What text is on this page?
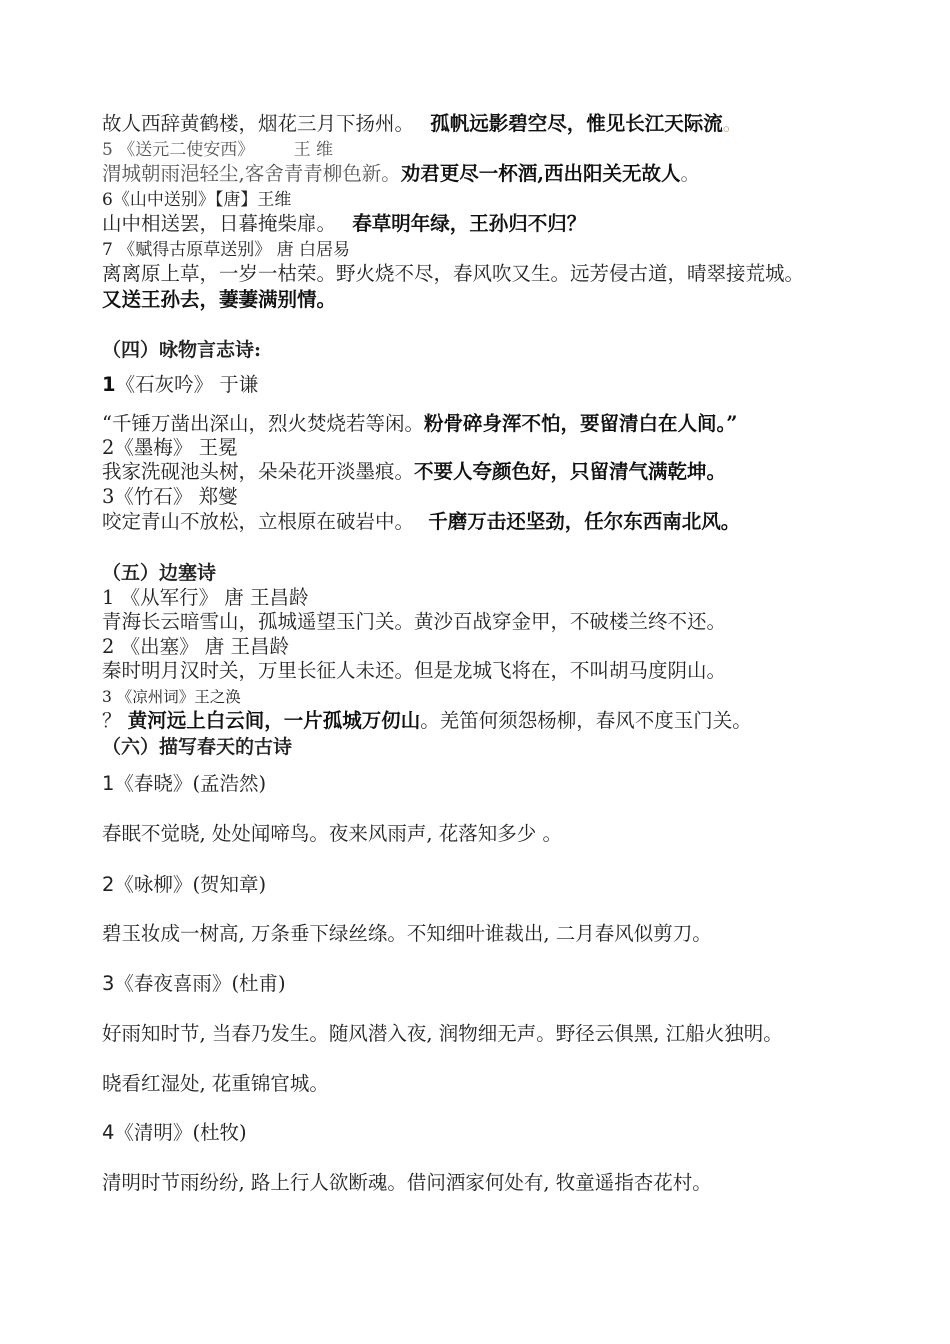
故人西辞黄鹤楼，烟花三月下扬州。 孤帆远影碧空尽，惟见长江天际流。
5 《送元二使安西》 王 维
渭城朝雨浥轻尘,客舍青青柳色新。劝君更尽一杯酒,西出阳关无故人。
6《山中送别》【唐】王维
山中相送罢，日暮掩柴扉。 春草明年绿，王孙归不归？
7 《赋得古原草送别》 唐 白居易
离离原上草，一岁一枯荣。野火烧不尽，春风吹又生。远芳侵古道，晴翠接荒城。
又送王孙去，萋萋满别情。
（四）咏物言志诗:
1《石灰吟》 于谦
“千锤万凿出深山，烈火焚烧若等闲。粉骨碎身浑不怕，要留清白在人间。”
2《墨梅》 王冕
我家洗砚池头树，朵朵花开淡墨痕。不要人夸颜色好，只留清气满乾坤。
3《竹石》 郑燮
咬定青山不放松，立根原在破岩中。 千磨万击还坚劲，任尔东西南北风。
（五）边塞诗
1 《从军行》 唐 王昌龄
青海长云暗雪山，孤城遥望玉门关。黄沙百战穿金甲，不破楼兰终不还。
2 《出塞》 唐 王昌龄
秦时明月汉时关，万里长征人未还。但是龙城飞将在，不叫胡马度阴山。
3 《凉州词》王之涣
？ 黄河远上白云间，一片孤城万仞山。羌笛何须怨杨柳，春风不度玉门关。
（六）描写春天的古诗
1《春晓》(孟浩然)
春眠不觉晓, 处处闻啼鸟。夜来风雨声, 花落知多少 。
2《咏柳》(贺知章)
碧玉妆成一树高, 万条垂下绿丝绦。不知细叶谁裁出, 二月春风似剪刀。
3《春夜喜雨》(杜甫)
好雨知时节, 当春乃发生。随风潜入夜, 润物细无声。野径云俱黑, 江船火独明。
晓看红湿处, 花重锦官城。
4《清明》(杜牧)
清明时节雨纷纷, 路上行人欲断魂。借问酒家何处有, 牧童遥指杏花村。
